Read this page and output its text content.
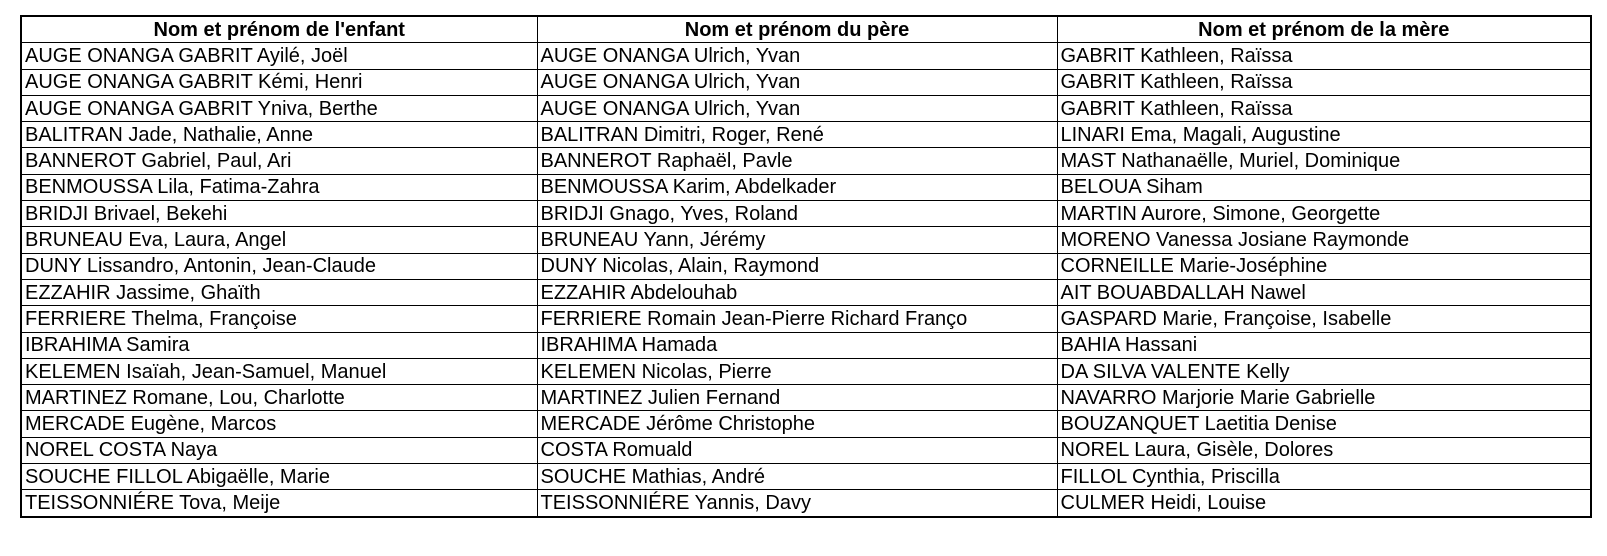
Nom et prénom de l'enfant	Nom et prénom du père	Nom et prénom de la mère
AUGE ONANGA GABRIT Ayilé, Joël	AUGE ONANGA Ulrich, Yvan	GABRIT Kathleen, Raïssa
AUGE ONANGA GABRIT Kémi, Henri	AUGE ONANGA Ulrich, Yvan	GABRIT Kathleen, Raïssa
AUGE ONANGA GABRIT Yniva, Berthe	AUGE ONANGA Ulrich, Yvan	GABRIT Kathleen, Raïssa
BALITRAN Jade, Nathalie, Anne	BALITRAN Dimitri, Roger, René	LINARI Ema, Magali, Augustine
BANNEROT Gabriel, Paul, Ari	BANNEROT Raphaël, Pavle	MAST Nathanaëlle, Muriel, Dominique
BENMOUSSA Lila, Fatima-Zahra	BENMOUSSA Karim, Abdelkader	BELOUA Siham
BRIDJI Brivael, Bekehi	BRIDJI Gnago, Yves, Roland	MARTIN Aurore, Simone, Georgette
BRUNEAU Eva, Laura, Angel	BRUNEAU Yann, Jérémy	MORENO Vanessa Josiane Raymonde
DUNY Lissandro, Antonin, Jean-Claude	DUNY Nicolas, Alain, Raymond	CORNEILLE Marie-Joséphine
EZZAHIR Jassime, Ghaïth	EZZAHIR Abdelouhab	AIT BOUABDALLAH Nawel
FERRIERE Thelma, Françoise	FERRIERE Romain Jean-Pierre Richard Franço	GASPARD Marie, Françoise, Isabelle
IBRAHIMA Samira	IBRAHIMA Hamada	BAHIA Hassani
KELEMEN Isaïah, Jean-Samuel, Manuel	KELEMEN Nicolas, Pierre	DA SILVA VALENTE Kelly
MARTINEZ Romane, Lou, Charlotte	MARTINEZ Julien Fernand	NAVARRO Marjorie Marie Gabrielle
MERCADE Eugène, Marcos	MERCADE Jérôme Christophe	BOUZANQUET Laetitia Denise
NOREL COSTA Naya	COSTA Romuald	NOREL Laura, Gisèle, Dolores
SOUCHE FILLOL Abigaëlle, Marie	SOUCHE Mathias, André	FILLOL Cynthia, Priscilla
TEISSONNIÉRE Tova, Meije	TEISSONNIÉRE Yannis, Davy	CULMER Heidi, Louise
